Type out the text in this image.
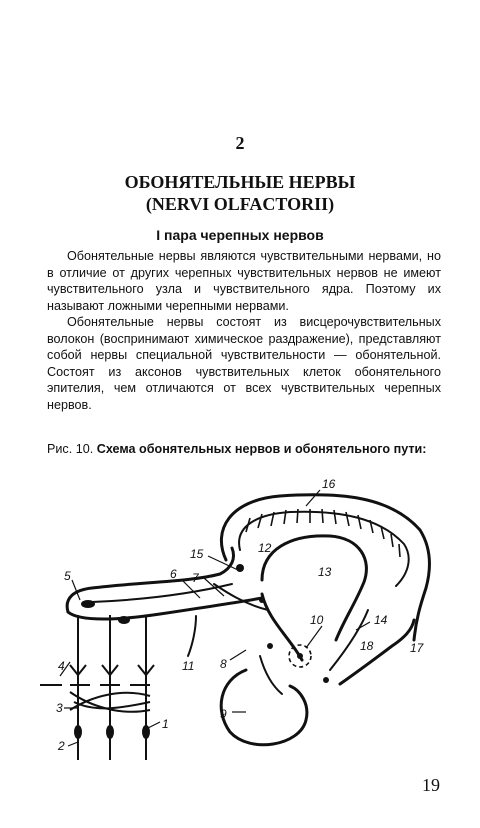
2
ОБОНЯТЕЛЬНЫЕ НЕРВЫ
(NERVI OLFACTORII)
I пара черепных нервов

Обонятельные нервы являются чувствительными нервами, но в отличие от других черепных чувствительных нервов не имеют чувствительного узла и чувствительного ядра. Поэтому их называют ложными черепными нервами.

Обонятельные нервы состоят из висцерочувствительных волокон (воспринимают химическое раздражение), представляют собой нервы специальной чувствительности — обонятельной. Состоят из аксонов чувствительных клеток обонятельного эпителия, чем отличаются от всех чувствительных черепных нервов.

Рис. 10. Схема обонятельных нервов и обонятельного пути:
16
12
13
15
6 7
5
10	14
18	17
11 8
9
4
3
2
1
19
